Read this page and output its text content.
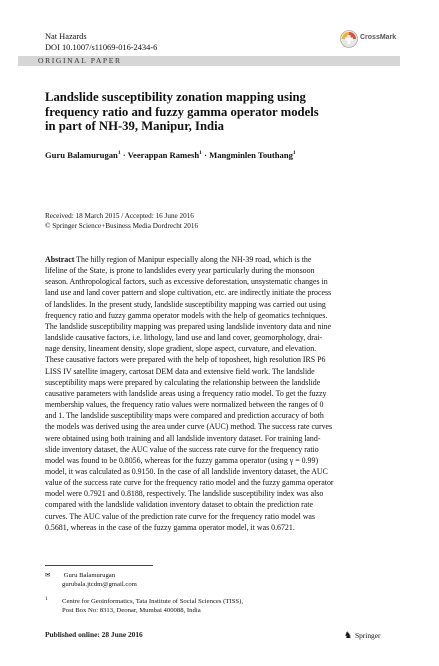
Nat Hazards
DOI 10.1007/s11069-016-2434-6
CrossMark
ORIGINAL PAPER
Landslide susceptibility zonation mapping using
frequency ratio and fuzzy gamma operator models
in part of NH-39, Manipur, India
Guru Balamurugan$^1$ · Veerappan Ramesh$^1$ · Mangminlen Touthang$^1$
Received: 18 March 2015 / Accepted: 16 June 2016
© Springer Science+Business Media Dordrecht 2016
Abstract The hilly region of Manipur especially along the NH-39 road, which is the
lifeline of the State, is prone to landslides every year particularly during the monsoon
season. Anthropological factors, such as excessive deforestation, unsystematic changes in
land use and land cover pattern and slope cultivation, etc. are indirectly initiate the process
of landslides. In the present study, landslide susceptibility mapping was carried out using
frequency ratio and fuzzy gamma operator models with the help of geomatics techniques.
The landslide susceptibility mapping was prepared using landslide inventory data and nine
landslide causative factors, i.e. lithology, land use and land cover, geomorphology, drai-
nage density, lineament density, slope gradient, slope aspect, curvature, and elevation.
These causative factors were prepared with the help of toposheet, high resolution IRS P6
LISS IV satellite imagery, cartosat DEM data and extensive field work. The landslide
susceptibility maps were prepared by calculating the relationship between the landslide
causative parameters with landslide areas using a frequency ratio model. To get the fuzzy
membership values, the frequency ratio values were normalized between the ranges of 0
and 1. The landslide susceptibility maps were compared and prediction accuracy of both
the models was derived using the area under curve (AUC) method. The success rate curves
were obtained using both training and all landslide inventory dataset. For training land-
slide inventory dataset, the AUC value of the success rate curve for the frequency ratio
model was found to be 0.8056, whereas for the fuzzy gamma operator (using γ = 0.99)
model, it was calculated as 0.9150. In the case of all landslide inventory dataset, the AUC
value of the success rate curve for the frequency ratio model and the fuzzy gamma operator
model were 0.7921 and 0.8188, respectively. The landslide susceptibility index was also
compared with the landslide validation inventory dataset to obtain the prediction rate
curves. The AUC value of the prediction rate curve for the frequency ratio model was
0.5681, whereas in the case of the fuzzy gamma operator model, it was 0.6721.
✉ Guru Balamurugan
gurubala.jtcdm@gmail.com
1 Centre for Geoinformatics, Tata Institute of Social Sciences (TISS),
Post Box No: 8313, Deonar, Mumbai 400088, India
Published online: 28 June 2016	♞ Springer
